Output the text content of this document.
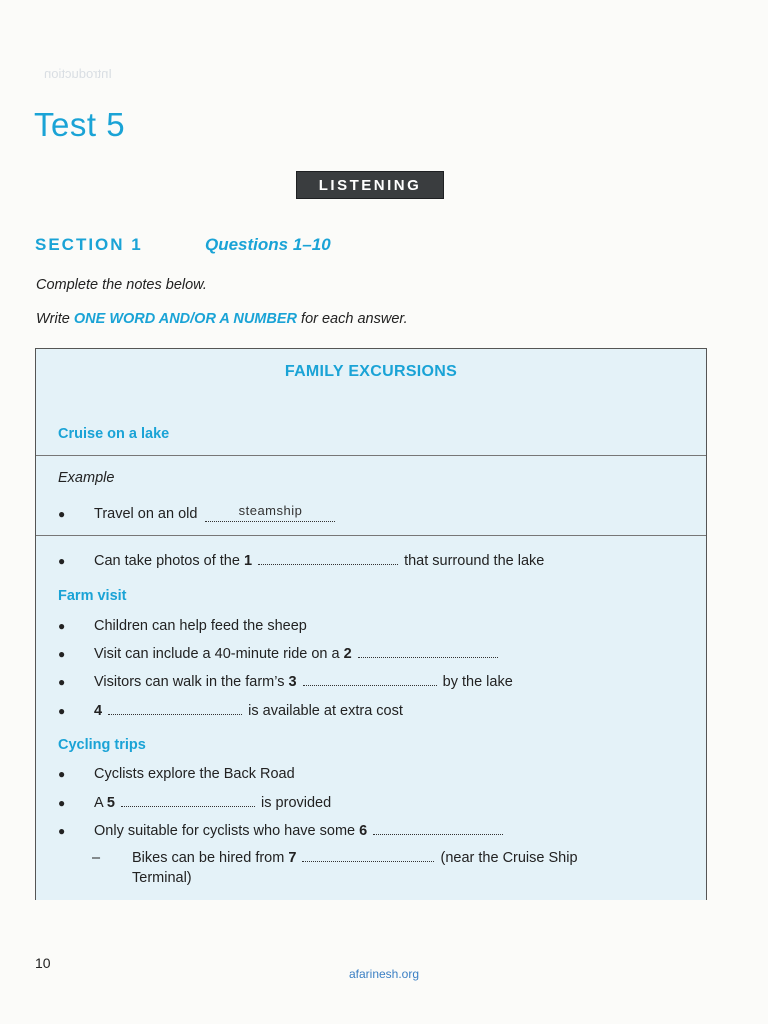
Introduction
Test 5
LISTENING
SECTION 1	Questions 1–10
Complete the notes below.
Write ONE WORD AND/OR A NUMBER for each answer.
FAMILY EXCURSIONS
Cruise on a lake
Example
● Travel on an old	steamship
● Can take photos of the 1	that surround the lake
Farm visit
● Children can help feed the sheep
● Visit can include a 40-minute ride on a 2
● Visitors can walk in the farm’s 3	by the lake
● 4	is available at extra cost
Cycling trips
● Cyclists explore the Back Road
● A 5	is provided
● Only suitable for cyclists who have some 6
– Bikes can be hired from 7	(near the Cruise Ship
Terminal)
10
afarinesh.org
